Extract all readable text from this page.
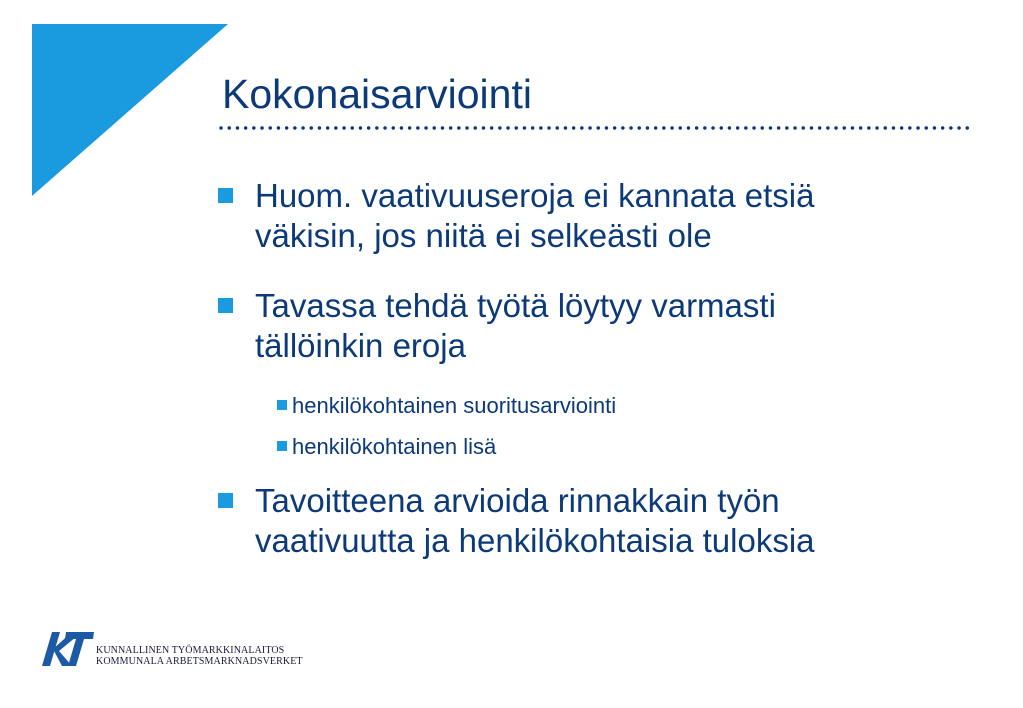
Kokonaisarviointi
Huom. vaativuuseroja ei kannata etsiä
väkisin, jos niitä ei selkeästi ole
Tavassa tehdä työtä löytyy varmasti
tällöinkin eroja
henkilökohtainen suoritusarviointi
henkilökohtainen lisä
Tavoitteena arvioida rinnakkain työn
vaativuutta ja henkilökohtaisia tuloksia
KUNNALLINEN TYÖMARKKINALAITOS
KOMMUNALA ARBETSMARKNADSVERKET
